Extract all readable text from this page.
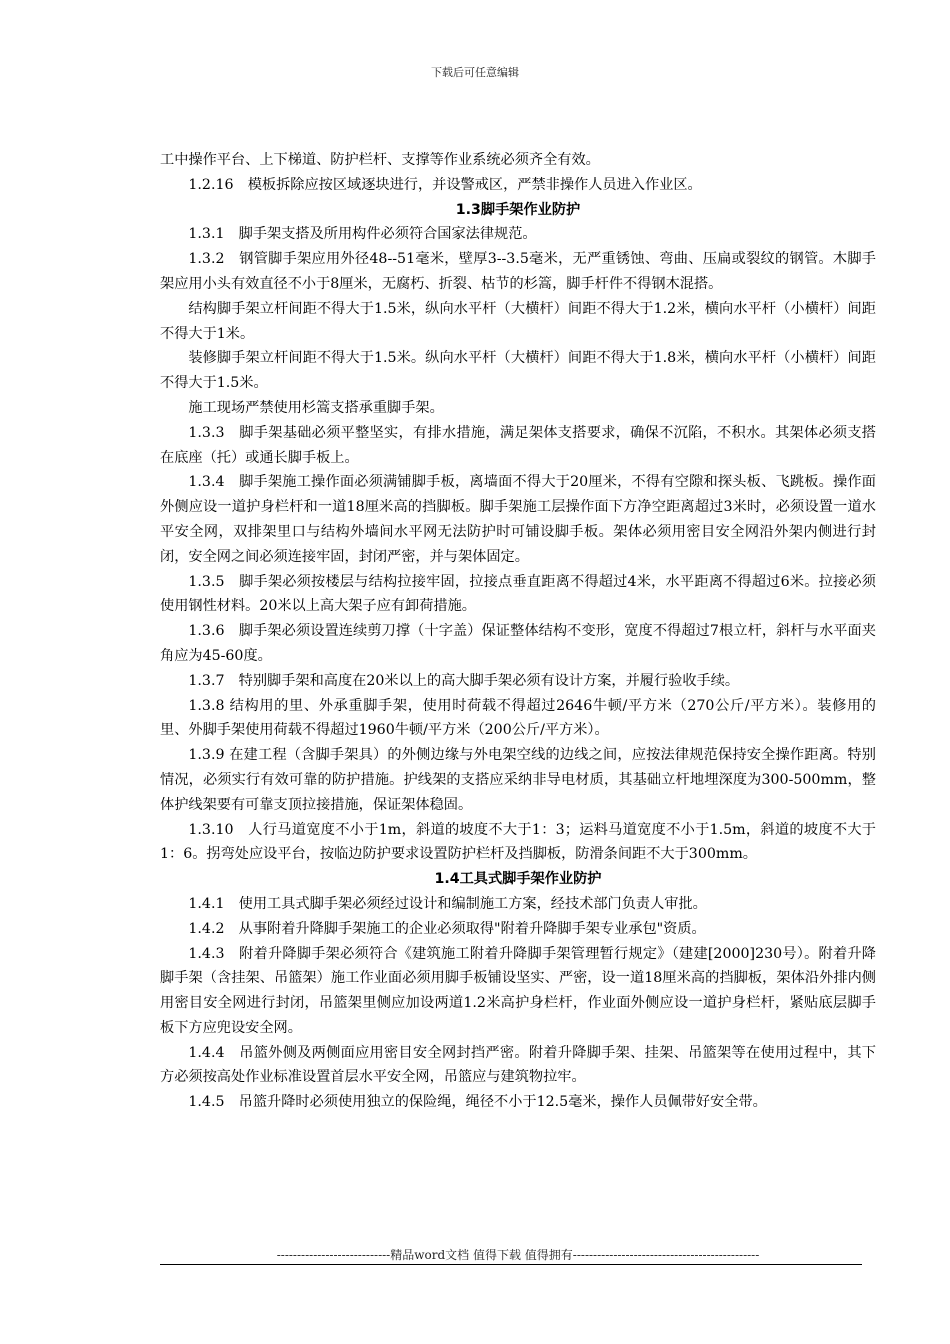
下载后可任意编辑

工中操作平台、上下梯道、防护栏杆、支撑等作业系统必须齐全有效。

1.2.16　模板拆除应按区域逐块进行，并设警戒区，严禁非操作人员进入作业区。

1.3脚手架作业防护

1.3.1　脚手架支搭及所用构件必须符合国家法律规范。

1.3.2　钢管脚手架应用外径48--51毫米，壁厚3--3.5毫米，无严重锈蚀、弯曲、压扁或裂纹的钢管。木脚手架应用小头有效直径不小于8厘米，无腐朽、折裂、枯节的杉篙，脚手杆件不得钢木混搭。

结构脚手架立杆间距不得大于1.5米，纵向水平杆（大横杆）间距不得大于1.2米，横向水平杆（小横杆）间距不得大于1米。

装修脚手架立杆间距不得大于1.5米。纵向水平杆（大横杆）间距不得大于1.8米，横向水平杆（小横杆）间距不得大于1.5米。

施工现场严禁使用杉篙支搭承重脚手架。

1.3.3　脚手架基础必须平整坚实，有排水措施，满足架体支搭要求，确保不沉陷，不积水。其架体必须支搭在底座（托）或通长脚手板上。

1.3.4　脚手架施工操作面必须满铺脚手板，离墙面不得大于20厘米，不得有空隙和探头板、飞跳板。操作面外侧应设一道护身栏杆和一道18厘米高的挡脚板。脚手架施工层操作面下方净空距离超过3米时，必须设置一道水平安全网，双排架里口与结构外墙间水平网无法防护时可铺设脚手板。架体必须用密目安全网沿外架内侧进行封闭，安全网之间必须连接牢固，封闭严密，并与架体固定。

1.3.5　脚手架必须按楼层与结构拉接牢固，拉接点垂直距离不得超过4米，水平距离不得超过6米。拉接必须使用钢性材料。20米以上高大架子应有卸荷措施。

1.3.6　脚手架必须设置连续剪刀撑（十字盖）保证整体结构不变形，宽度不得超过7根立杆，斜杆与水平面夹角应为45-60度。

1.3.7　特别脚手架和高度在20米以上的高大脚手架必须有设计方案，并履行验收手续。

1.3.8 结构用的里、外承重脚手架，使用时荷载不得超过2646牛顿/平方米（270公斤/平方米）。装修用的里、外脚手架使用荷载不得超过1960牛顿/平方米（200公斤/平方米）。

1.3.9 在建工程（含脚手架具）的外侧边缘与外电架空线的边线之间，应按法律规范保持安全操作距离。特别情况，必须实行有效可靠的防护措施。护线架的支搭应采纳非导电材质，其基础立杆地埋深度为300-500mm，整体护线架要有可靠支顶拉接措施，保证架体稳固。

1.3.10　人行马道宽度不小于1m，斜道的坡度不大于1：3；运料马道宽度不小于1.5m，斜道的坡度不大于1：6。拐弯处应设平台，按临边防护要求设置防护栏杆及挡脚板，防滑条间距不大于300mm。

1.4工具式脚手架作业防护

1.4.1　使用工具式脚手架必须经过设计和编制施工方案，经技术部门负责人审批。

1.4.2　从事附着升降脚手架施工的企业必须取得"附着升降脚手架专业承包"资质。

1.4.3　附着升降脚手架必须符合《建筑施工附着升降脚手架管理暂行规定》（建建[2000]230号）。附着升降脚手架（含挂架、吊篮架）施工作业面必须用脚手板铺设坚实、严密，设一道18厘米高的挡脚板，架体沿外排内侧用密目安全网进行封闭，吊篮架里侧应加设两道1.2米高护身栏杆，作业面外侧应设一道护身栏杆，紧贴底层脚手板下方应兜设安全网。

1.4.4　吊篮外侧及两侧面应用密目安全网封挡严密。附着升降脚手架、挂架、吊篮架等在使用过程中，其下方必须按高处作业标准设置首层水平安全网，吊篮应与建筑物拉牢。

1.4.5　吊篮升降时必须使用独立的保险绳，绳径不小于12.5毫米，操作人员佩带好安全带。

----------------------------精品word文档 值得下载 值得拥有----------------------------------------------
